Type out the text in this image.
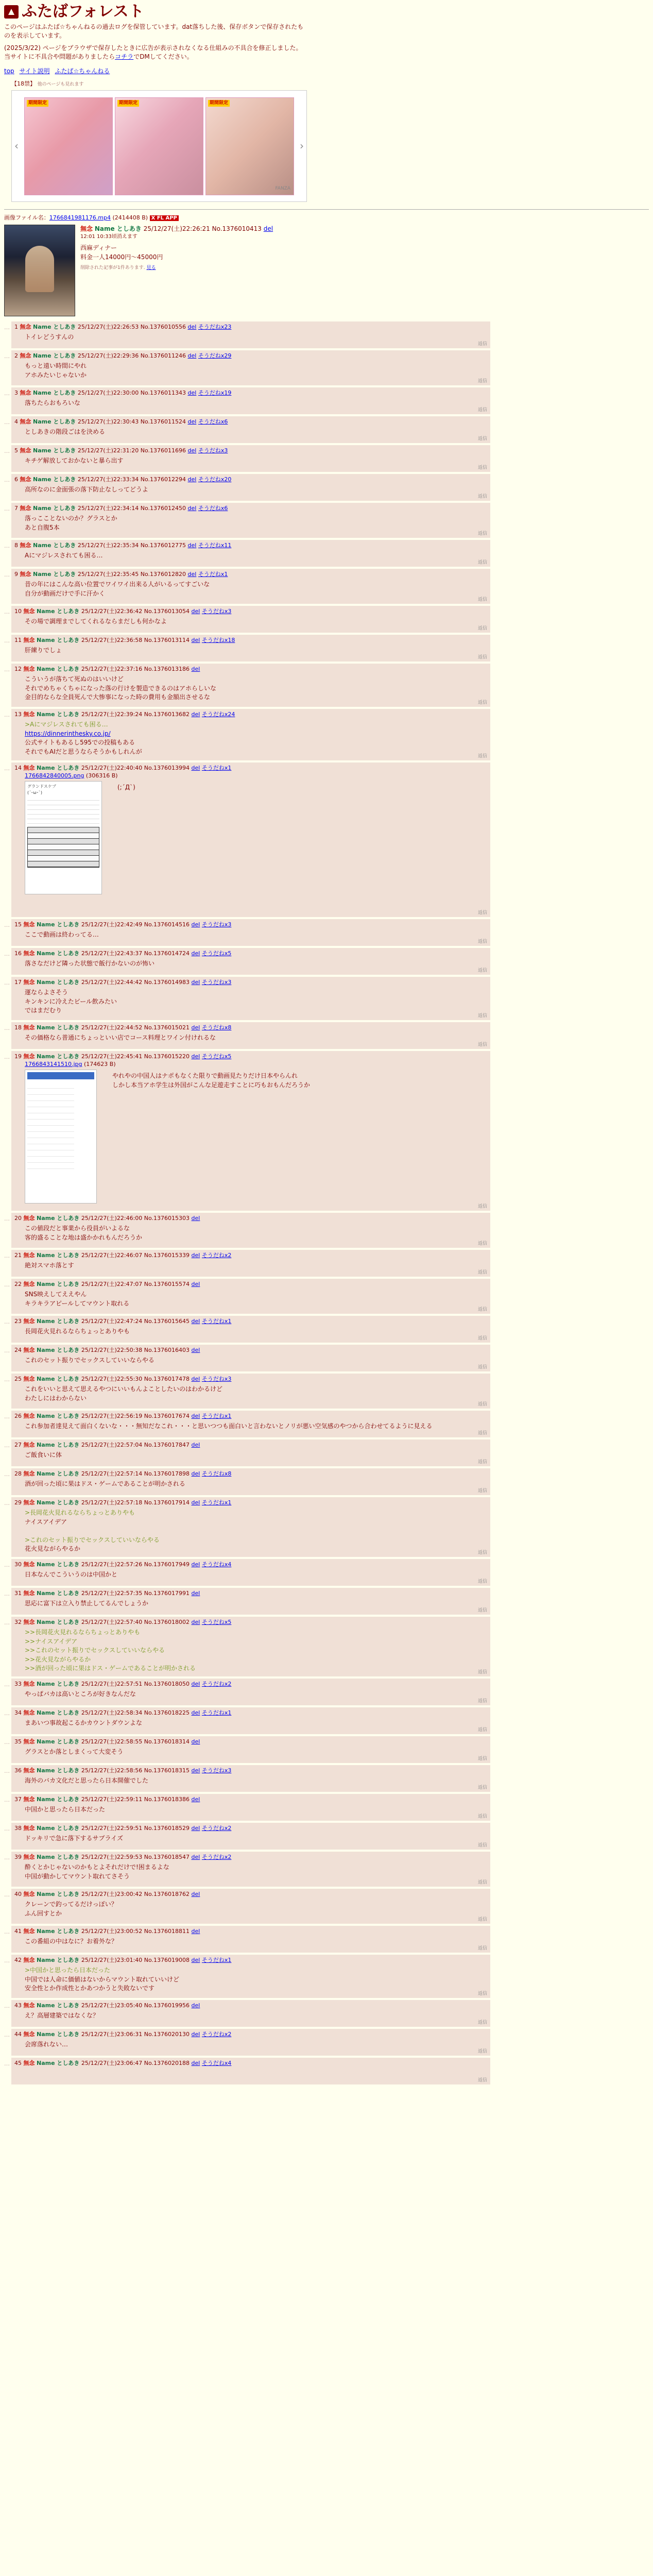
ふたばフォレスト

このページはふたば☆ちゃんねるの過去ログを保管しています。dat落ちした後、保存ボタンで保存されたものを表示しています。

(2025/3/22) ページをブラウザで保存したときに広告が表示されなくなる仕組みの不具合を修正しました。当サイトに不具合や問題がありましたらコチラでDMしてください。

top サイト説明 ふたば☆ちゃんねる
【18禁】 他のページも見れます
‹
期間限定	期間限定	期間限定
FANZA
›
画像ファイル名：1766841981176.mp4 (2414408 B) X FL APP
無念 Name としあき 25/12/27(土)22:26:21 No.1376010413 del
12:01 10:33頃消えます
西麻ディナー
料金一人14000円〜45000円
削除された記事が1件あります. 見る
… 1 無念 Name としあき 25/12/27(土)22:26:53 No.1376010556 del そうだねx23
トイレどうすんの
返信
… 2 無念 Name としあき 25/12/27(土)22:29:36 No.1376011246 del そうだねx29
もっと遠い時間にやれ
アホみたいじゃないか
返信
… 3 無念 Name としあき 25/12/27(土)22:30:00 No.1376011343 del そうだねx19
落ちたらおもろいな
返信
… 4 無念 Name としあき 25/12/27(土)22:30:43 No.1376011524 del そうだねx6
としあきの階段ごはを決める
返信
… 5 無念 Name としあき 25/12/27(土)22:31:20 No.1376011696 del そうだねx3
キチゲ解放しておかないと暴ら出す
返信
… 6 無念 Name としあき 25/12/27(土)22:33:34 No.1376012294 del そうだねx20
高所なのに金面張の落下防止なしってどうよ
返信
… 7 無念 Name としあき 25/12/27(土)22:34:14 No.1376012450 del そうだねx6
落っこことないのか？グラスとか
あと自腹5本
返信
… 8 無念 Name としあき 25/12/27(土)22:35:34 No.1376012775 del そうだねx11
Aにマジレスされても困る…
返信
… 9 無念 Name としあき 25/12/27(土)22:35:45 No.1376012820 del そうだねx1
昔の年にはこんな高い位置でワイワイ出来る人がいるってすごいな
自分が動画だけで手に汗かく
返信
… 10 無念 Name としあき 25/12/27(土)22:36:42 No.1376013054 del そうだねx3
その場で調理までしてくれるならまだしも何かなよ
返信
… 11 無念 Name としあき 25/12/27(土)22:36:58 No.1376013114 del そうだねx18
肝練りでしょ
返信
… 12 無念 Name としあき 25/12/27(土)22:37:16 No.1376013186 del
こういうが落ちて死ぬのはいいけど
それでめちゃくちゃになった落の行けを製造できるのはアホらしいな
金目的ならな全員死んで大惨事になった時の費用も金額出させるな
返信
… 13 無念 Name としあき 25/12/27(土)22:39:24 No.1376013682 del そうだねx24
>Aにマジレスされても困る…
https://dinnerinthesky.co.jp/
公式サイトもあるし595での投稿もある
それでもAIだと思うならそうかもしれんが
返信
… 14 無念 Name としあき 25/12/27(土)22:40:40 No.1376013994 del そうだねx1
1766842840005.png (306316 B)
グランドスケブ
(´･ω･`)
(;´Д`)
返信
… 15 無念 Name としあき 25/12/27(土)22:42:49 No.1376014516 del そうだねx3
ここで動画は終わってる…
返信
… 16 無念 Name としあき 25/12/27(土)22:43:37 No.1376014724 del そうだねx5
落さなだけど隣った状態で飯行かないのが怖い
返信
… 17 無念 Name としあき 25/12/27(土)22:44:42 No.1376014983 del そうだねx3
運ならよさそう
キンキンに冷えたビール飲みたい
ではまだむり
返信
… 18 無念 Name としあき 25/12/27(土)22:44:52 No.1376015021 del そうだねx8
その価格なら普通にちょっといい店でコース料理とワイン付けれるな
返信
… 19 無念 Name としあき 25/12/27(土)22:45:41 No.1376015220 del そうだねx5
1766843141510.jpg (174623 B)
やれやの中国人はナポもなくた限りで動画見たりだけ日本やらんれ
しかし本当アホ学生は外国がこんな足遊走すことに巧もおもんだろうか
返信
… 20 無念 Name としあき 25/12/27(土)22:46:00 No.1376015303 del
この値段だと事業から役員がいよるな
客的盛ることな地は盛かかれもんだろうか
返信
… 21 無念 Name としあき 25/12/27(土)22:46:07 No.1376015339 del そうだねx2
絶対スマホ落とす
返信
… 22 無念 Name としあき 25/12/27(土)22:47:07 No.1376015574 del
SNS映えしてええやん
キラキラアピールしてマウント取れる
返信
… 23 無念 Name としあき 25/12/27(土)22:47:24 No.1376015645 del そうだねx1
長岡花火見れるならちょっとありやも
返信
… 24 無念 Name としあき 25/12/27(土)22:50:38 No.1376016403 del
これのセット振りでセックスしていいならやる
返信
… 25 無念 Name としあき 25/12/27(土)22:55:30 No.1376017478 del そうだねx3
これをいいと思えて思えるやつにいいもんよことしたいのはわかるけど
わたしにはわからない
返信
… 26 無念 Name としあき 25/12/27(土)22:56:19 No.1376017674 del そうだねx1
これ参加者達見えて面白くないな・・・無知だなこれ・・・と思いつつも面白いと言わないとノリが悪い空気感のやつから合わせてるように見える
返信
… 27 無念 Name としあき 25/12/27(土)22:57:04 No.1376017847 del
ご飯食いに体
返信
… 28 無念 Name としあき 25/12/27(土)22:57:14 No.1376017898 del そうだねx8
酒が回った頃に果はドス・ゲームであることが明かされる
返信
… 29 無念 Name としあき 25/12/27(土)22:57:18 No.1376017914 del そうだねx1
>長岡花火見れるならちょっとありやも
ナイスアイデア

>これのセット振りでセックスしていいならやる
花火見ながらやるか
返信
… 30 無念 Name としあき 25/12/27(土)22:57:26 No.1376017949 del そうだねx4
日本なんでこういうのは中国かと
返信
… 31 無念 Name としあき 25/12/27(土)22:57:35 No.1376017991 del
思応に富下は立入り禁止してるんでしょうか
返信
… 32 無念 Name としあき 25/12/27(土)22:57:40 No.1376018002 del そうだねx5
>>長岡花火見れるならちょっとありやも
>>ナイスアイデア
>>これのセット振りでセックスしていいならやる
>>花火見ながらやるか
>>酒が回った頃に果はドス・ゲームであることが明かされる
返信
… 33 無念 Name としあき 25/12/27(土)22:57:51 No.1376018050 del そうだねx2
やっぱバカは高いところが好きなんだな
返信
… 34 無念 Name としあき 25/12/27(土)22:58:34 No.1376018225 del そうだねx1
まあいつ事故起こるかカウントダウンよな
返信
… 35 無念 Name としあき 25/12/27(土)22:58:55 No.1376018314 del
グラスとか落としまくって大変そう
返信
… 36 無念 Name としあき 25/12/27(土)22:58:56 No.1376018315 del そうだねx3
海外のバカ文化だと思ったら日本開催でした
返信
… 37 無念 Name としあき 25/12/27(土)22:59:11 No.1376018386 del
中国かと思ったら日本だった
返信
… 38 無念 Name としあき 25/12/27(土)22:59:51 No.1376018529 del そうだねx2
ドッキリで急に落下するサプライズ
返信
… 39 無念 Name としあき 25/12/27(土)22:59:53 No.1376018547 del そうだねx2
酔くとかじゃないのかもとよそれだけで!困まるよな
中国が動かしてマウント取れてさそう
返信
… 40 無念 Name としあき 25/12/27(土)23:00:42 No.1376018762 del
クレーンで釣ってるだけっぽい？
ふん回すとか
返信
… 41 無念 Name としあき 25/12/27(土)23:00:52 No.1376018811 del
この番組の中はなに？お着外な？
返信
… 42 無念 Name としあき 25/12/27(土)23:01:40 No.1376019008 del そうだねx1
>中国かと思ったら日本だった
中国では人命に価値はないからマウント取れていいけど
安全性とか作成性とかあつかうと失敗ないです
返信
… 43 無念 Name としあき 25/12/27(土)23:05:40 No.1376019956 del
え？高層建築ではなくな？
返信
… 44 無念 Name としあき 25/12/27(土)23:06:31 No.1376020130 del そうだねx2
会席落れない…
返信
… 45 無念 Name としあき 25/12/27(土)23:06:47 No.1376020188 del そうだねx4
返信
